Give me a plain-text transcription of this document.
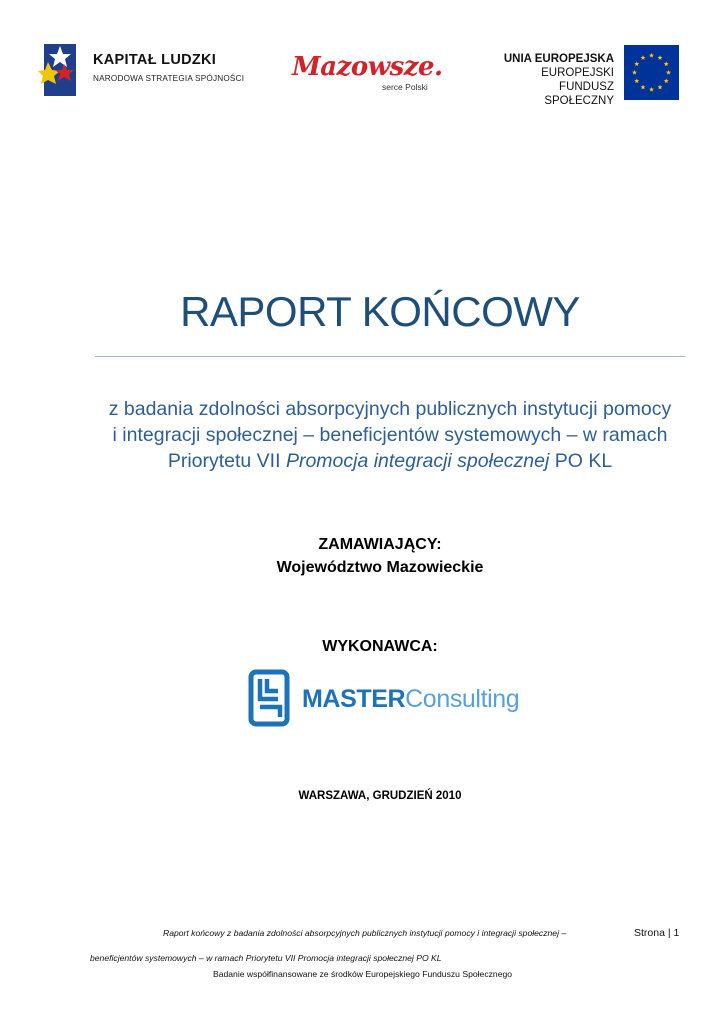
KAPITAŁ LUDZKI
NARODOWA STRATEGIA SPÓJNOŚCI Mazowsze.
serce Polski
UNIA EUROPEJSKA
EUROPEJSKI
FUNDUSZ SPOŁECZNY
RAPORT KOŃCOWY
z badania zdolności absorpcyjnych publicznych instytucji pomocy
i integracji społecznej – beneficjentów systemowych – w ramach
Priorytetu VII Promocja integracji społecznej PO KL
ZAMAWIAJĄCY:
Województwo Mazowieckie
WYKONAWCA:
MASTERConsulting
WARSZAWA, GRUDZIEŃ 2010
Raport końcowy z badania zdolności absorpcyjnych publicznych instytucji pomocy i integracji społecznej –	Strona | 1
beneficjentów systemowych – w ramach Priorytetu VII Promocja integracji społecznej PO KL
Badanie współfinansowane ze środków Europejskiego Funduszu Społecznego
